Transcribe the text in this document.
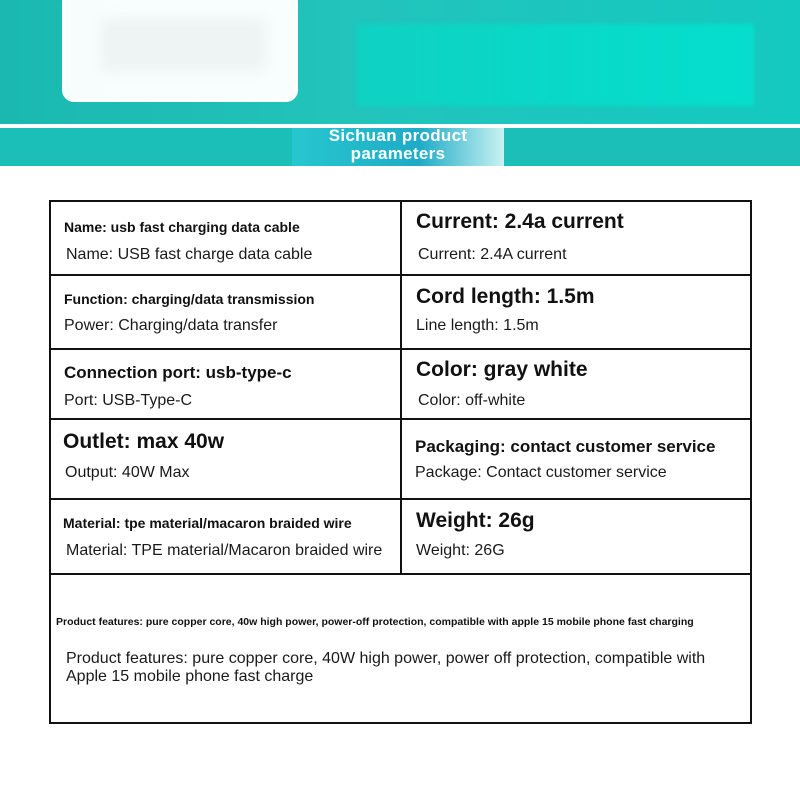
Sichuan product
parameters
Name: usb fast charging data cable
Name: USB fast charge data cable
Current: 2.4a current
Current: 2.4A current
Function: charging/data transmission
Power: Charging/data transfer
Cord length: 1.5m
Line length: 1.5m
Connection port: usb-type-c
Port: USB-Type-C
Color: gray white
Color: off-white
Outlet: max 40w
Output: 40W Max
Packaging: contact customer service
Package: Contact customer service
Material: tpe material/macaron braided wire
Material: TPE material/Macaron braided wire
Weight: 26g
Weight: 26G
Product features: pure copper core, 40w high power, power-off protection, compatible with apple 15 mobile phone fast charging
Product features: pure copper core, 40W high power, power off protection, compatible with Apple 15 mobile phone fast charge
